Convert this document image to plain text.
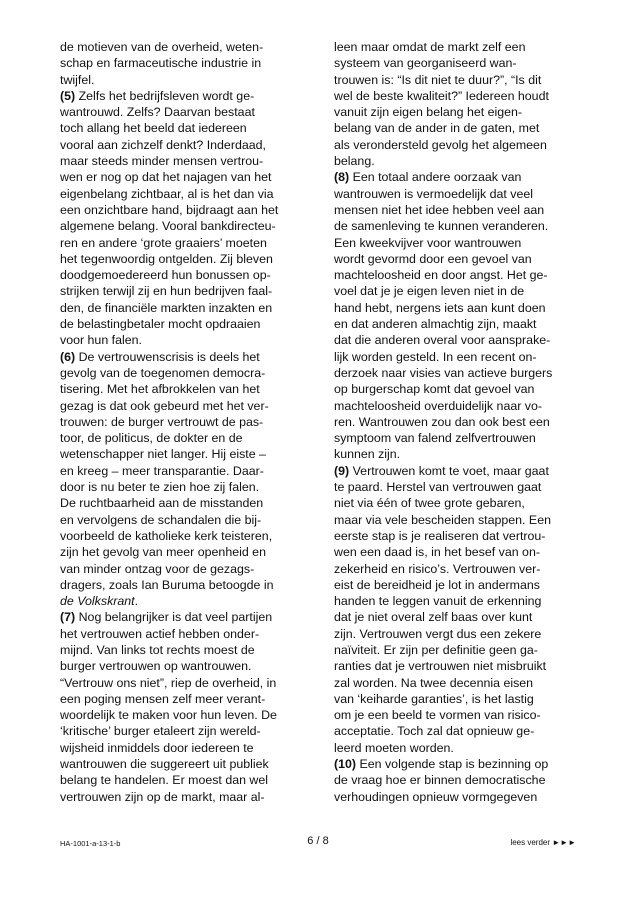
de motieven van de overheid, weten-
schap en farmaceutische industrie in
twijfel.
(5) Zelfs het bedrijfsleven wordt ge-
wantrouwd. Zelfs? Daarvan bestaat
toch allang het beeld dat iedereen
vooral aan zichzelf denkt? Inderdaad,
maar steeds minder mensen vertrou-
wen er nog op dat het najagen van het
eigenbelang zichtbaar, al is het dan via
een onzichtbare hand, bijdraagt aan het
algemene belang. Vooral bankdirecteu-
ren en andere ‘grote graaiers’ moeten
het tegenwoordig ontgelden. Zij bleven
doodgemoedereerd hun bonussen op-
strijken terwijl zij en hun bedrijven faal-
den, de financiële markten inzakten en
de belastingbetaler mocht opdraaien
voor hun falen.
(6) De vertrouwenscrisis is deels het
gevolg van de toegenomen democra-
tisering. Met het afbrokkelen van het
gezag is dat ook gebeurd met het ver-
trouwen: de burger vertrouwt de pas-
toor, de politicus, de dokter en de
wetenschapper niet langer. Hij eiste –
en kreeg – meer transparantie. Daar-
door is nu beter te zien hoe zij falen.
De ruchtbaarheid aan de misstanden
en vervolgens de schandalen die bij-
voorbeeld de katholieke kerk teisteren,
zijn het gevolg van meer openheid en
van minder ontzag voor de gezags-
dragers, zoals Ian Buruma betoogde in
de Volkskrant.
(7) Nog belangrijker is dat veel partijen
het vertrouwen actief hebben onder-
mijnd. Van links tot rechts moest de
burger vertrouwen op wantrouwen.
“Vertrouw ons niet”, riep de overheid, in
een poging mensen zelf meer verant-
woordelijk te maken voor hun leven. De
‘kritische’ burger etaleert zijn wereld-
wijsheid inmiddels door iedereen te
wantrouwen die suggereert uit publiek
belang te handelen. Er moest dan wel
vertrouwen zijn op de markt, maar al-
leen maar omdat de markt zelf een
systeem van georganiseerd wan-
trouwen is: “Is dit niet te duur?”, “Is dit
wel de beste kwaliteit?” Iedereen houdt
vanuit zijn eigen belang het eigen-
belang van de ander in de gaten, met
als verondersteld gevolg het algemeen
belang.
(8) Een totaal andere oorzaak van
wantrouwen is vermoedelijk dat veel
mensen niet het idee hebben veel aan
de samenleving te kunnen veranderen.
Een kweekvijver voor wantrouwen
wordt gevormd door een gevoel van
machteloosheid en door angst. Het ge-
voel dat je je eigen leven niet in de
hand hebt, nergens iets aan kunt doen
en dat anderen almachtig zijn, maakt
dat die anderen overal voor aansprake-
lijk worden gesteld. In een recent on-
derzoek naar visies van actieve burgers
op burgerschap komt dat gevoel van
machteloosheid overduidelijk naar vo-
ren. Wantrouwen zou dan ook best een
symptoom van falend zelfvertrouwen
kunnen zijn.
(9) Vertrouwen komt te voet, maar gaat
te paard. Herstel van vertrouwen gaat
niet via één of twee grote gebaren,
maar via vele bescheiden stappen. Een
eerste stap is je realiseren dat vertrou-
wen een daad is, in het besef van on-
zekerheid en risico’s. Vertrouwen ver-
eist de bereidheid je lot in andermans
handen te leggen vanuit de erkenning
dat je niet overal zelf baas over kunt
zijn. Vertrouwen vergt dus een zekere
naïviteit. Er zijn per definitie geen ga-
ranties dat je vertrouwen niet misbruikt
zal worden. Na twee decennia eisen
van ‘keiharde garanties’, is het lastig
om je een beeld te vormen van risico-
acceptatie. Toch zal dat opnieuw ge-
leerd moeten worden.
(10) Een volgende stap is bezinning op
de vraag hoe er binnen democratische
verhoudingen opnieuw vormgegeven
HA-1001-a-13-1-b	6 / 8	lees verder ►►►
